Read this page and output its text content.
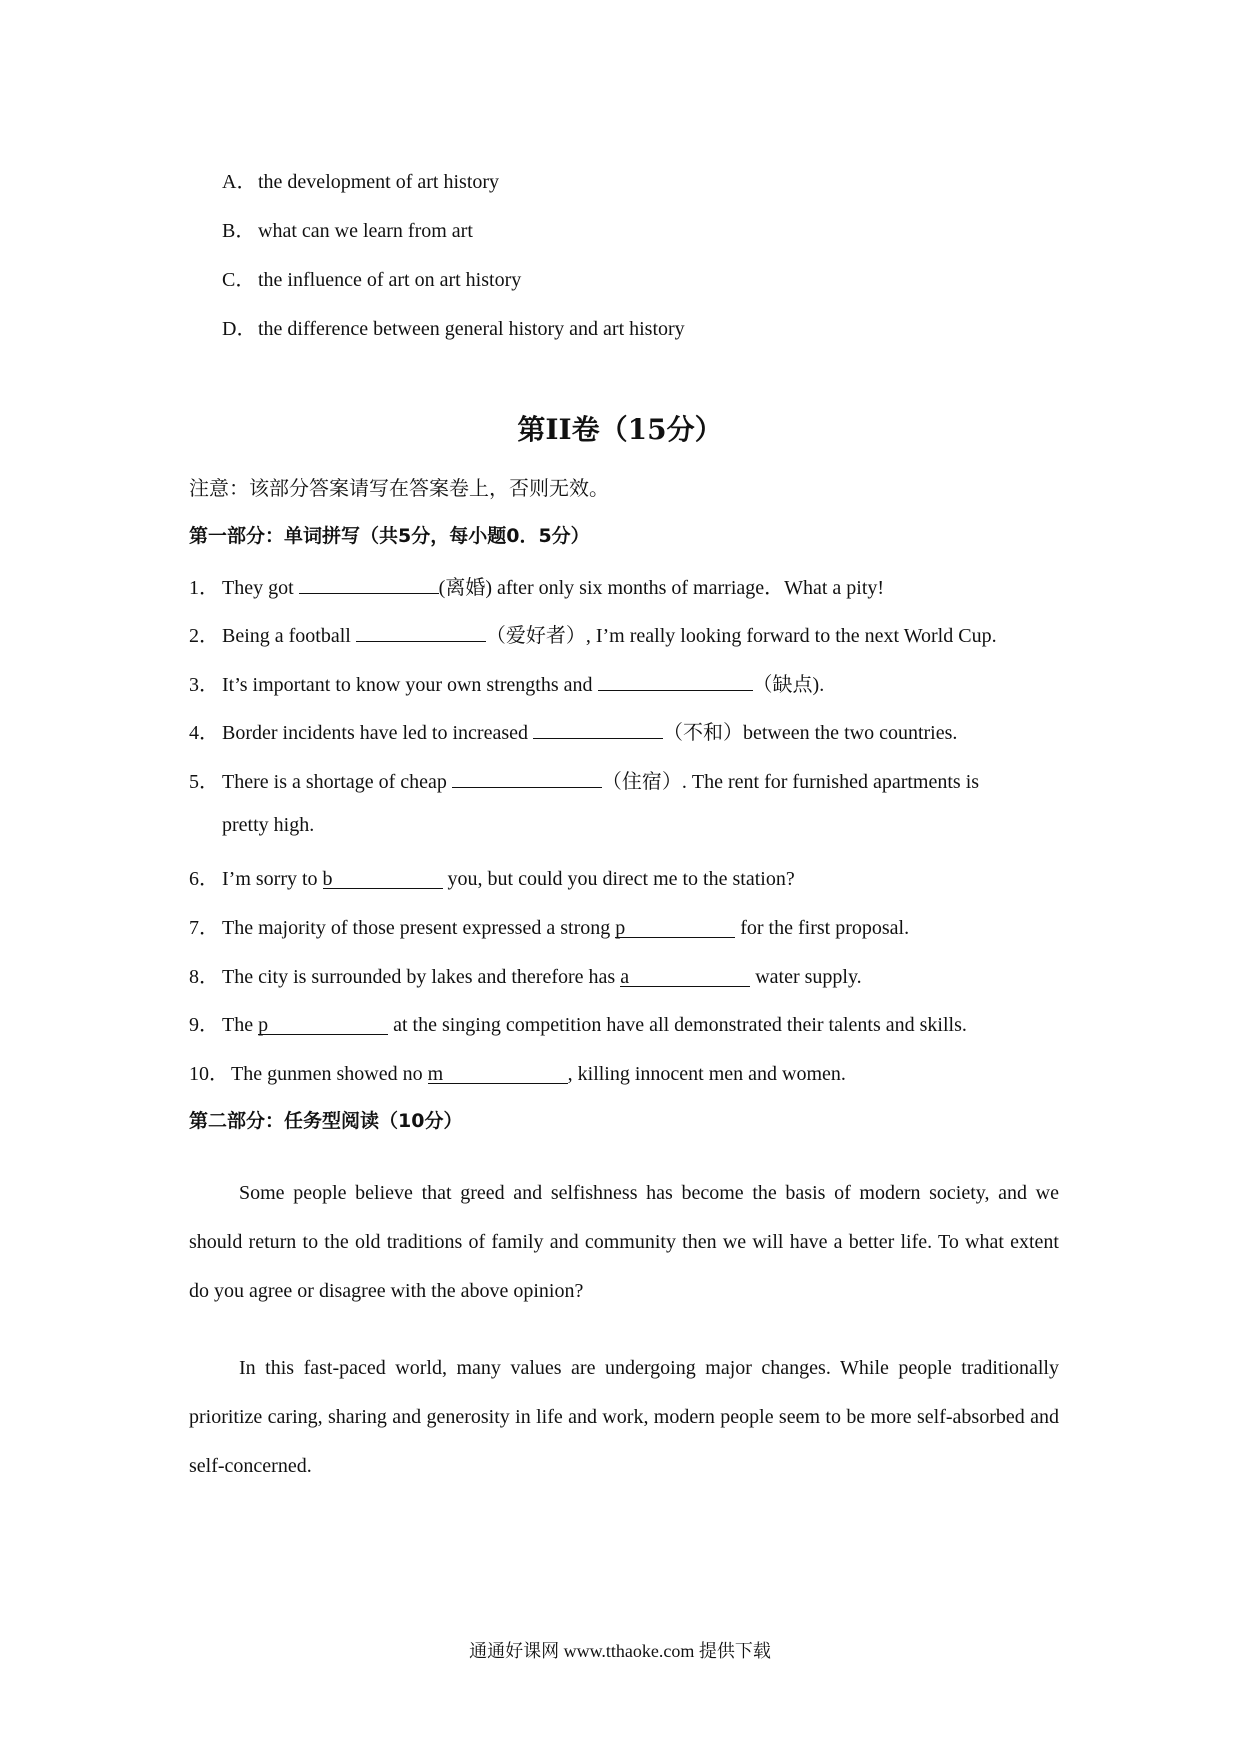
A．the development of art history
B． what can we learn from art
C． the influence of art on art history
D．the difference between general history and art history
第II卷（15分）
注意：该部分答案请写在答案卷上，否则无效。
第一部分：单词拼写（共5分，每小题0．5分）
1． They got	(离婚) after only six months of marriage．What a pity!
2． Being a football	（爱好者）, I’m really looking forward to the next World Cup.
3． It’s important to know your own strengths and	（缺点).
4． Border incidents have led to increased	（不和）between the two countries.
5． There is a shortage of cheap	（住宿）. The rent for furnished apartments is
pretty high.
6． I’m sorry to b	you, but could you direct me to the station?
7． The majority of those present expressed a strong p	for the first proposal.
8． The city is surrounded by lakes and therefore has a	water supply.
9． The p	at the singing competition have all demonstrated their talents and skills.
10． The gunmen showed no m	, killing innocent men and women.
第二部分：任务型阅读（10分）
Some people believe that greed and selfishness has become the basis of modern society, and we should return to the old traditions of family and community then we will have a better life. To what extent do you agree or disagree with the above opinion?
In this fast-paced world, many values are undergoing major changes. While people traditionally prioritize caring, sharing and generosity in life and work, modern people seem to be more self-absorbed and self-concerned.
通通好课网 www.tthaoke.com 提供下载
